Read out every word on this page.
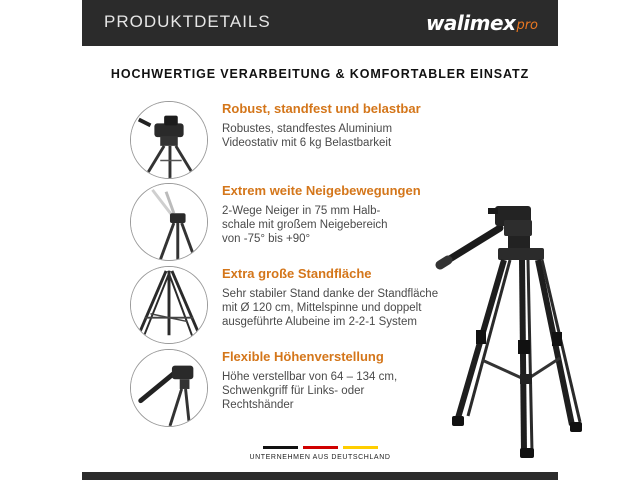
PRODUKTDETAILS	walimex pro
HOCHWERTIGE VERARBEITUNG & KOMFORTABLER EINSATZ
Robust, standfest und belastbar
Robustes, standfestes Aluminium
Videostativ mit 6 kg Belastbarkeit
Extrem weite Neigebewegungen
2-Wege Neiger in 75 mm Halb-
schale mit großem Neigebereich
von -75° bis +90°
Extra große Standfläche
Sehr stabiler Stand danke der Standfläche
mit Ø 120 cm, Mittelspinne und doppelt
ausgeführte Alubeine im 2-2-1 System
Flexible Höhenverstellung
Höhe verstellbar von 64 – 134 cm,
Schwenkgriff für Links- oder
Rechtshänder
UNTERNEHMEN AUS DEUTSCHLAND
